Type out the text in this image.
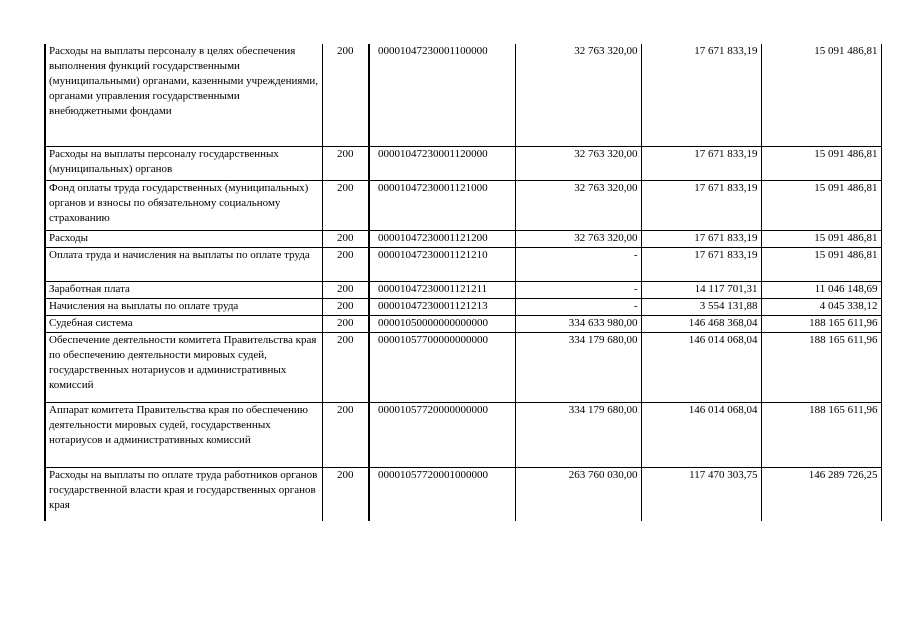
Расходы на выплаты персоналу в целях обеспечения выполнения функций государственными (муниципальными) органами, казенными учреждениями, органами управления государственными внебюджетными фондами	200	00001047230001100000	32 763 320,00	17 671 833,19	15 091 486,81
Расходы на выплаты персоналу государственных (муниципальных) органов	200	00001047230001120000	32 763 320,00	17 671 833,19	15 091 486,81
Фонд оплаты труда государственных (муниципальных) органов и взносы по обязательному социальному страхованию	200	00001047230001121000	32 763 320,00	17 671 833,19	15 091 486,81
Расходы	200	00001047230001121200	32 763 320,00	17 671 833,19	15 091 486,81
Оплата труда и начисления на выплаты по оплате труда	200	00001047230001121210	-	17 671 833,19	15 091 486,81
Заработная плата	200	00001047230001121211	-	14 117 701,31	11 046 148,69
Начисления на выплаты по оплате труда	200	00001047230001121213	-	3 554 131,88	4 045 338,12
Судебная система	200	00001050000000000000	334 633 980,00	146 468 368,04	188 165 611,96
Обеспечение деятельности комитета Правительства края по обеспечению деятельности мировых судей, государственных нотариусов и административных комиссий	200	00001057700000000000	334 179 680,00	146 014 068,04	188 165 611,96
Аппарат комитета Правительства края по обеспечению деятельности мировых судей, государственных нотариусов и административных комиссий	200	00001057720000000000	334 179 680,00	146 014 068,04	188 165 611,96
Расходы на выплаты по оплате труда работников органов государственной власти края и государственных органов края	200	00001057720001000000	263 760 030,00	117 470 303,75	146 289 726,25
